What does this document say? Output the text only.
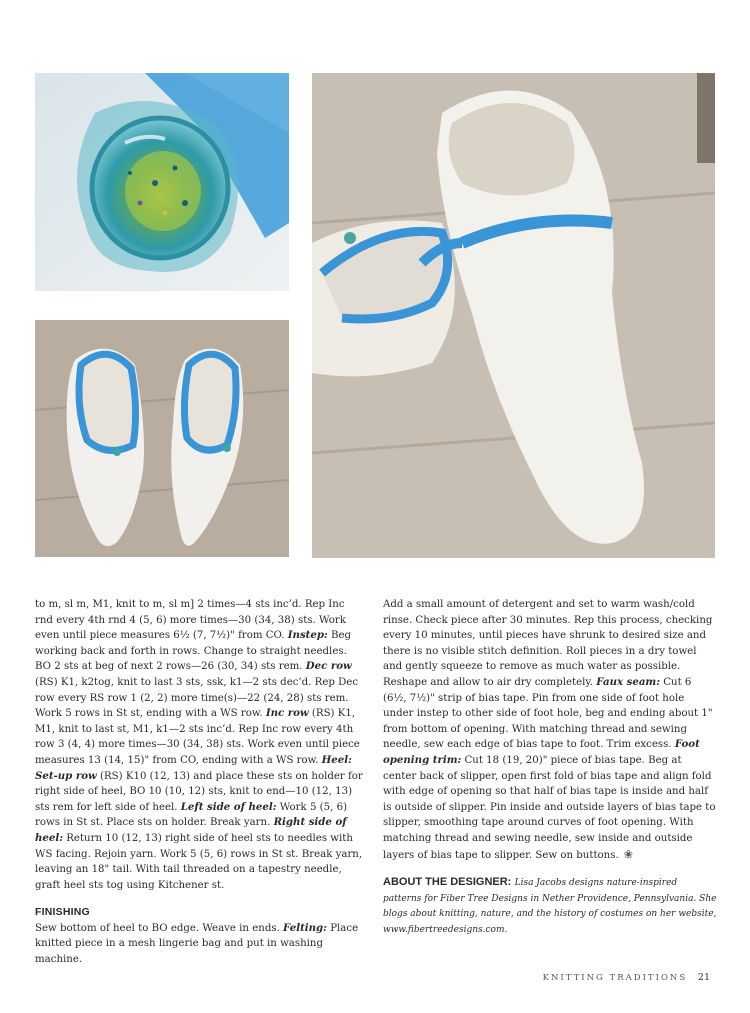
to m, sl m, M1, knit to m, sl m] 2 times—4 sts inc’d. Rep Inc rnd every 4th rnd 4 (5, 6) more times—30 (34, 38) sts. Work even until piece measures 6½ (7, 7½)" from CO. Instep: Beg working back and forth in rows. Change to straight needles. BO 2 sts at beg of next 2 rows—26 (30, 34) sts rem. Dec row (RS) K1, k2tog, knit to last 3 sts, ssk, k1—2 sts dec’d. Rep Dec row every RS row 1 (2, 2) more time(s)—22 (24, 28) sts rem. Work 5 rows in St st, ending with a WS row. Inc row (RS) K1, M1, knit to last st, M1, k1—2 sts inc’d. Rep Inc row every 4th row 3 (4, 4) more times—30 (34, 38) sts. Work even until piece measures 13 (14, 15)" from CO, ending with a WS row. Heel: Set-up row (RS) K10 (12, 13) and place these sts on holder for right side of heel, BO 10 (10, 12) sts, knit to end—10 (12, 13) sts rem for left side of heel. Left side of heel: Work 5 (5, 6) rows in St st. Place sts on holder. Break yarn. Right side of heel: Return 10 (12, 13) right side of heel sts to needles with WS facing. Rejoin yarn. Work 5 (5, 6) rows in St st. Break yarn, leaving an 18" tail. With tail threaded on a tapestry needle, graft heel sts tog using Kitchener st.

FINISHING

Sew bottom of heel to BO edge. Weave in ends. Felting: Place knitted piece in a mesh lingerie bag and put in washing machine.

Add a small amount of detergent and set to warm wash/cold rinse. Check piece after 30 minutes. Rep this process, checking every 10 minutes, until pieces have shrunk to desired size and there is no visible stitch definition. Roll pieces in a dry towel and gently squeeze to remove as much water as possible. Reshape and allow to air dry completely. Faux seam: Cut 6 (6½, 7½)" strip of bias tape. Pin from one side of foot hole under instep to other side of foot hole, beg and ending about 1" from bottom of opening. With matching thread and sewing needle, sew each edge of bias tape to foot. Trim excess. Foot opening trim: Cut 18 (19, 20)" piece of bias tape. Beg at center back of slipper, open first fold of bias tape and align fold with edge of opening so that half of bias tape is inside and half is outside of slipper. Pin inside and outside layers of bias tape to slipper, smoothing tape around curves of foot opening. With matching thread and sewing needle, sew inside and outside layers of bias tape to slipper. Sew on buttons. ❀

ABOUT THE DESIGNER: Lisa Jacobs designs nature-inspired patterns for Fiber Tree Designs in Nether Providence, Pennsylvania. She blogs about knitting, nature, and the history of costumes on her website, www.fibertreedesigns.com.
KNITTING TRADITIONS 21
